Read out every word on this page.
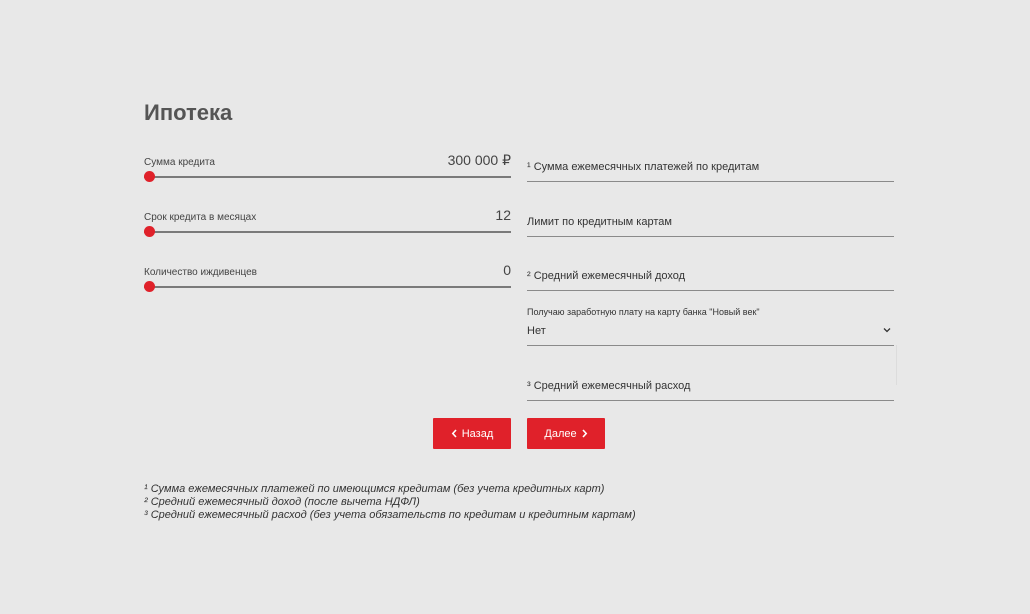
Ипотека
Сумма кредита	300 000 ₽
Срок кредита в месяцах	12
Количество иждивенцев	0
¹ Сумма ежемесячных платежей по кредитам
Лимит по кредитным картам
² Средний ежемесячный доход
Получаю заработную плату на карту банка "Новый век"
Нет
³ Средний ежемесячный расход
Назад	Далее
¹ Сумма ежемесячных платежей по имеющимся кредитам (без учета кредитных карт)
² Средний ежемесячный доход (после вычета НДФЛ)
³ Средний ежемесячный расход (без учета обязательств по кредитам и кредитным картам)
